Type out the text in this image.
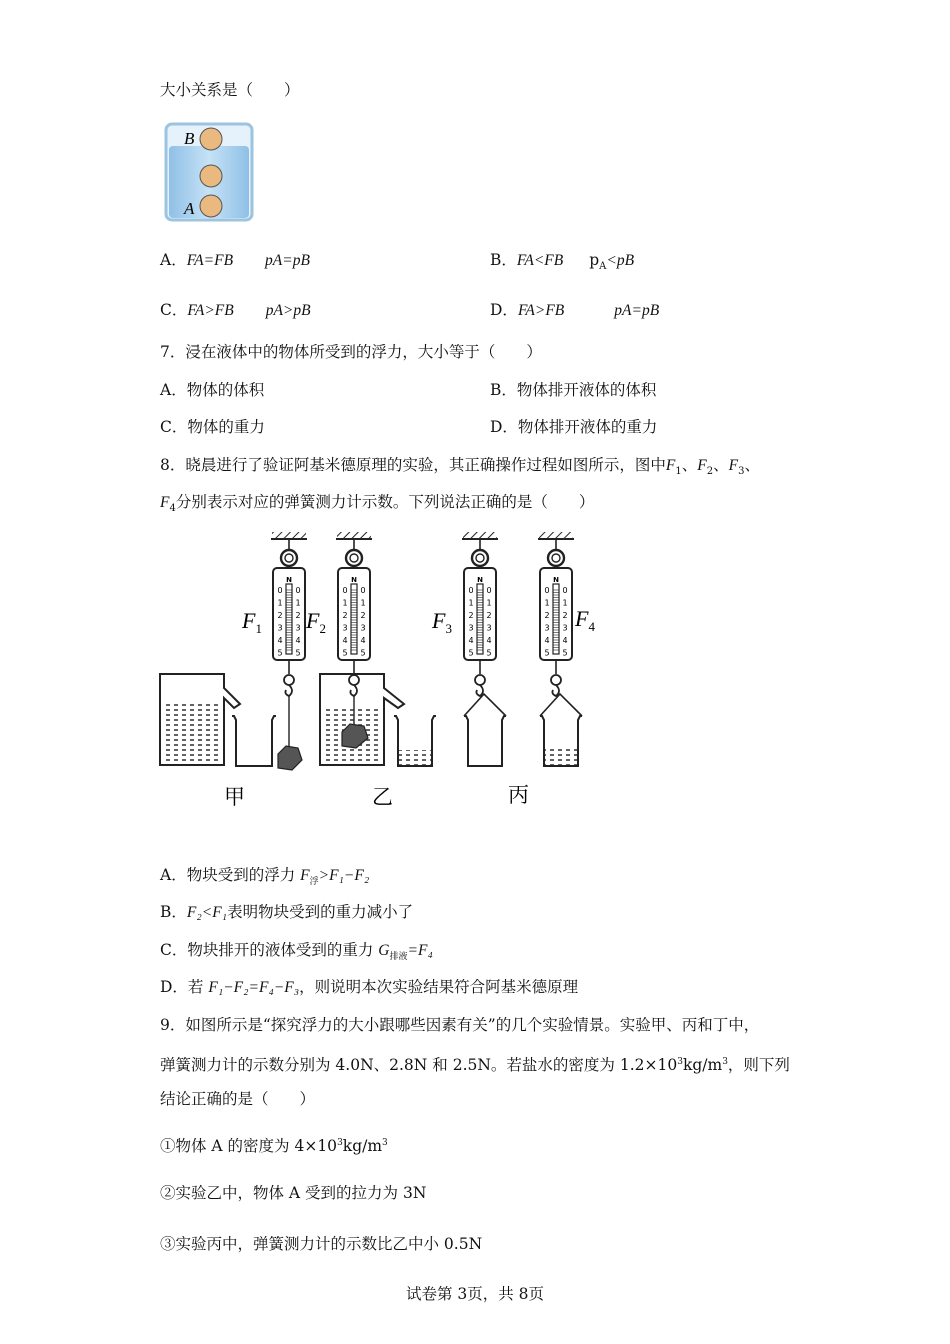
大小关系是（　　）
B
A
A．FA=FB pA=pB	B．FA<FB $p_A<pB$
C．FA>FB pA>pB	D．FA>FB	pA=pB
7．浸在液体中的物体所受到的浮力，大小等于（　　）
A．物体的体积	B．物体排开液体的体积
C．物体的重力	D．物体排开液体的重力
8．晓晨进行了验证阿基米德原理的实验，其正确操作过程如图所示，图中$F_1$、$F_2$、$F_3$、
$F_4$分别表示对应的弹簧测力计示数。下列说法正确的是（　　）
N
0 0
1 1
2 2
3 3
4 4
5 5
N
0 0
1 1
2 2
3 3
4 4
5 5
N
0 0
1 1
2 2
3 3
4 4
5 5
N
0 0
1 1
2 2
3 3
4 4
5 5
甲	乙	丙
$F_1$ $F_2$	$F_3$	$F_4$
A．物块受到的浮力 $F_浮>F_1-F_2$
B．F₂<F₁表明物块受到的重力减小了
C．物块排开的液体受到的重力 $G_{排液}=F_4$
D．若 F₁−F₂=F₄−F₃，则说明本次实验结果符合阿基米德原理
9．如图所示是“探究浮力的大小跟哪些因素有关”的几个实验情景。实验甲、丙和丁中，
弹簧测力计的示数分别为 4.0N、2.8N 和 2.5N。若盐水的密度为 $1.2\times 10^3kg/m^3$，则下列
结论正确的是（　　）
①物体 A 的密度为 $4\times 10^3kg/m^3$
②实验乙中，物体 A 受到的拉力为 3N
③实验丙中，弹簧测力计的示数比乙中小 0.5N
试卷第 3页，共 8页
